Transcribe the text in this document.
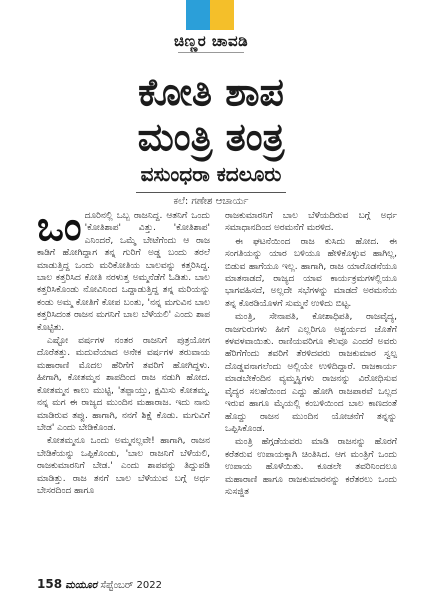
ಚಿಣ್ಣರ ಚಾವಡಿ
ಕೋತಿ ಶಾಪ
ಮಂತ್ರಿ ತಂತ್ರ
ವಸುಂಧರಾ ಕದಲೂರು
ಕಲೆ: ಗಣೇಶ ಆಚಾರ್ಯ

ಒಂದೂರಿನಲ್ಲಿ ಒಬ್ಬ ರಾಜನಿದ್ದ. ಆತನಿಗೆ ಒಂದು 'ಕೋತಿಶಾಪ' ವಿತ್ತು. 'ಕೋತಿಶಾಪ' ಎನಿಂದರೆ, ಒಮ್ಮೆ ಬೇಟೆಗೆಂದು ಆ ರಾಜ ಕಾಡಿಗೆ ಹೋಗಿದ್ದಾಗ ತನ್ನ ಗುರಿಗೆ ಅಡ್ಡ ಬಂದು ತರಲೆ ಮಾಡುತ್ತಿದ್ದ ಒಂದು ಮರಿಕೋತಿಯ ಬಾಲವನ್ನು ಕತ್ತರಿಸಿದ್ದ. ಬಾಲ ಕತ್ತರಿಸಿದ ಕೋತಿ ನರಳುತ್ತ ಅಮ್ಮನೆಡೆಗೆ ಓಡಿತು. ಬಾಲ ಕತ್ತರಿಸಿಕೊಂಡು ನೋವಿನಿಂದ ಒದ್ದಾಡುತ್ತಿದ್ದ ತನ್ನ ಮರಿಯನ್ನು ಕಂಡು ಅಮ್ಮ ಕೋತಿಗೆ ಕೋಪ ಬಂತು, 'ನನ್ನ ಮಗುವಿನ ಬಾಲ ಕತ್ತರಿಸಿದಂತ ರಾಜನ ಮಗನಿಗೆ ಬಾಲ ಬೆಳೆಯಲಿ' ಎಂದು ಶಾಪ ಕೊಟ್ಟಿತು.

ಎಷ್ಟೋ ವರ್ಷಗಳ ನಂತರ ರಾಜನಿಗೆ ಪುತ್ರಯೋಗ ದೊರೆತತ್ತು. ಮದುವೆಯಾದ ಅನೇಕ ವರ್ಷಗಳ ತರುವಾಯ ಮಹಾರಾಣಿ ಮೊದಲ ಹೆರಿಗೆಗೆ ತವರಿಗೆ ಹೋಗಿದ್ದಳು. ಹೀಗಾಗಿ, ಕೋತಮ್ಮನ ಶಾಪದಿಂದ ರಾಜ ನಡುಗಿ ಹೋದ. ಕೋತಮ್ಮನ ಕಾಲು ಮುಟ್ಟಿ, 'ತಪ್ಪಾಯ್ತು, ಕ್ಷಮಿಸು ಕೋತಮ್ಮ. ನನ್ನ ಮಗ ಈ ರಾಜ್ಯದ ಮುಂದಿನ ಮಹಾರಾಜ. ಇದು ನಾನು ಮಾಡಿರುವ ತಪ್ಪು. ಹಾಗಾಗಿ, ನನಗೆ ಶಿಕ್ಷೆ ಕೊಡು. ಮಗುವಿಗೆ ಬೇಡ' ಎಂದು ಬೇಡಿಕೊಂಡ.

ಕೋತಮ್ಮನೂ ಒಂದು ಅಮ್ಮನಲ್ಲವೇ! ಹಾಗಾಗಿ, ರಾಜನ ಬೇಡಿಕೆಯನ್ನು ಒಪ್ಪಿಕೊಂಡು, 'ಬಾಲ ರಾಜನಿಗೆ ಬೆಳೆಯಲಿ, ರಾಜಕುಮಾರನಿಗೆ ಬೇಡ.' ಎಂದು ಶಾಪವನ್ನು ತಿದ್ದುಪಡಿ ಮಾಡಿತ್ತು. ರಾಜ ತನಗೆ ಬಾಲ ಬೆಳೆಯುವ ಬಗ್ಗೆ ಅರ್ಧ ಬೇಸರದಿಂದ ಹಾಗೂ

ರಾಜಕುಮಾರನಿಗೆ ಬಾಲ ಬೆಳೆಯದಿರುವ ಬಗ್ಗೆ ಅರ್ಧ ಸಮಾಧಾನದಿಂದ ಅರಮನೆಗೆ ಮರಳಿದ.

ಈ ಘಟನೆಯಿಂದ ರಾಜ ಕುಸಿದು ಹೋದ. ಈ ಸಂಗತಿಯನ್ನು ಯಾರ ಬಳಿಯೂ ಹೇಳಿಕೊಳ್ಳುವ ಹಾಗಿಲ್ಲ, ಬಿಡುವ ಹಾಗೆಯೂ ಇಲ್ಲ. ಹಾಗಾಗಿ, ರಾಜ ಯಾರೊಡನೆಯೂ ಮಾತನಾಡದೆ, ರಾಜ್ಯದ ಯಾವ ಕಾರ್ಯಕ್ರಮಗಳಲ್ಲಿಯೂ ಭಾಗವಹಿಸದೆ, ಅಲ್ಲದೇ ಸಭೆಗಳನ್ನು ಮಾಡದೆ ಅರಮನೆಯ ತನ್ನ ಕೊಠಡಿಯೊಳಗೆ ಸುಮ್ಮನೆ ಉಳಿದು ಬಿಟ್ಟ.

ಮಂತ್ರಿ, ಸೇನಾಪತಿ, ಕೋಶಾಧಿಪತಿ, ರಾಜವೈದ್ಯ, ರಾಜಗುರುಗಳು ಹೀಗೆ ಎಲ್ಲರಿಗೂ ಅಶ್ಚರ್ಯದ ಜೊತೆಗೆ ಕಳವಳವಾಯಿತು. ರಾಣಿಯವರಿಗೂ ಕೆಲವೂ ಎಂದರೆ ಅವರು ಹೆರಿಗೆಗೆಂದು ತವರಿಗೆ ತೆರಳಿದವರು ರಾಜಕುಮಾರ ಸ್ವಲ್ಪ ದೊಡ್ಡವನಾಗಲೆಂದು ಅಲ್ಲಿಯೇ ಉಳಿದಿದ್ದಾರೆ. ರಾಜಕಾರ್ಯ ಮಾಡಬೇಕೆಂದಿನ ವ್ಯಮ್ಮಸ್ಥಿಗಳು ರಾಜನನ್ನು ವಿರೋಧಿಸುವ ವೈದ್ಯರ ಸಲಹೆಯಿಂದ ಎದ್ದು ಹೋಗಿ ರಾಜಪಾಠವೆ ಒಲ್ಲದ ಇರುವ ಹಾಗೂ ಮೈಯಲ್ಲಿ ಕಂಬಳಿಯಿಂದ ಬಾಲ ಕಾಣದಂತೆ ಹೊದ್ದು ರಾಜನ ಮುಂದಿನ ಯೋಚನೆಗೆ ತನ್ನನ್ನು ಒಪ್ಪಿಸಿಕೊಂಡ.

ಮಂತ್ರಿ ಹೆಗ್ಗಡೆಯವರು ಮಾಡಿ ರಾಜನನ್ನು ಹೊರಗೆ ಕರೆತರುವ ಉಪಾಯಕ್ಕಾಗಿ ಚಿಂತಿಸಿದ. ಆಗ ಮಂತ್ರಿಗೆ ಒಂದು ಉಪಾಯ ಹೊಳೆಯಿತು. ಕೂಡಲೇ ತವರಿನಿಂದಲೂ ಮಹಾರಾಣಿ ಹಾಗೂ ರಾಜಕುಮಾರನನ್ನು ಕರೆತರಲು ಒಂದು ಸುಸಜ್ಜಿತ

158 ಮಯೂರ ಸೆಪ್ಟೆಂಬರ್ 2022
